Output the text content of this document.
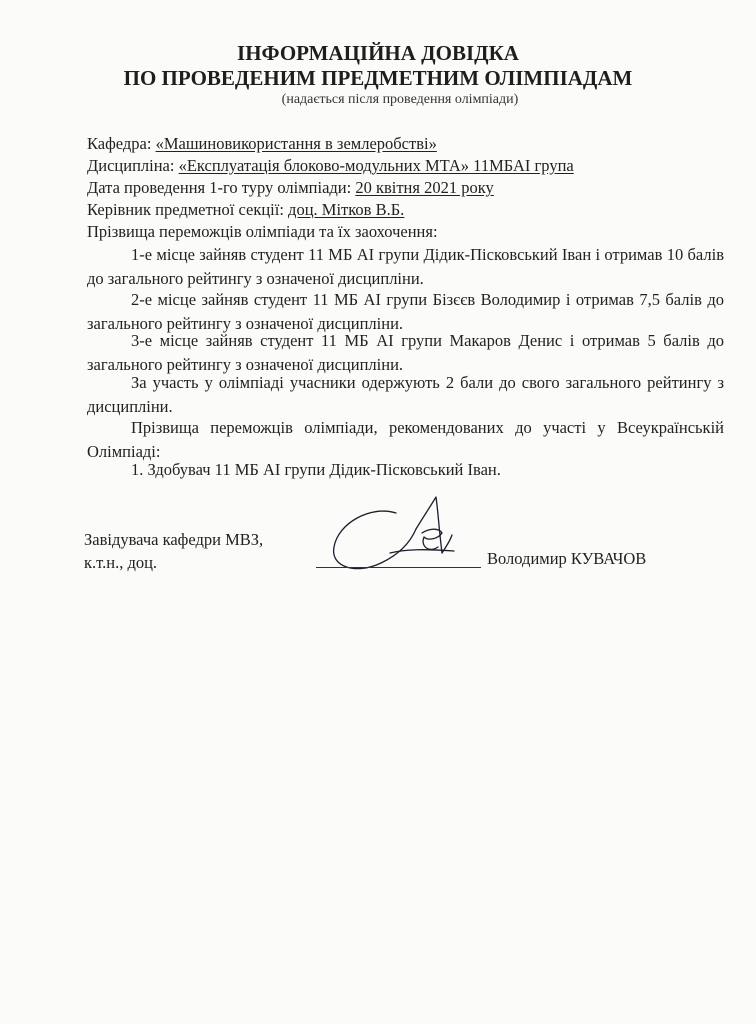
ІНФОРМАЦІЙНА ДОВІДКА
ПО ПРОВЕДЕНИМ ПРЕДМЕТНИМ ОЛІМПІАДАМ
(надається після проведення олімпіади)
Кафедра: «Машиновикористання в землеробстві»
Дисципліна: «Експлуатація блоково-модульних МТА» 11МБАІ група
Дата проведення 1-го туру олімпіади: 20 квітня 2021 року
Керівник предметної секції: доц. Мітков В.Б.
Прізвища переможців олімпіади та їх заохочення:
1-е місце зайняв студент 11 МБ АІ групи Дідик-Пісковський Іван і отримав 10 балів до загального рейтингу з означеної дисципліни.
2-е місце зайняв студент 11 МБ АІ групи Бізєєв Володимир і отримав 7,5 балів до загального рейтингу з означеної дисципліни.
3-е місце зайняв студент 11 МБ АІ групи Макаров Денис і отримав 5 балів до загального рейтингу з означеної дисципліни.
За участь у олімпіаді учасники одержують 2 бали до свого загального рейтингу з дисципліни.
Прізвища переможців олімпіади, рекомендованих до участі у Всеукраїнській Олімпіаді:
1. Здобувач 11 МБ АІ групи Дідик-Пісковський Іван.
Завідувача кафедри МВЗ,
к.т.н., доц.	Володимир КУВАЧОВ
